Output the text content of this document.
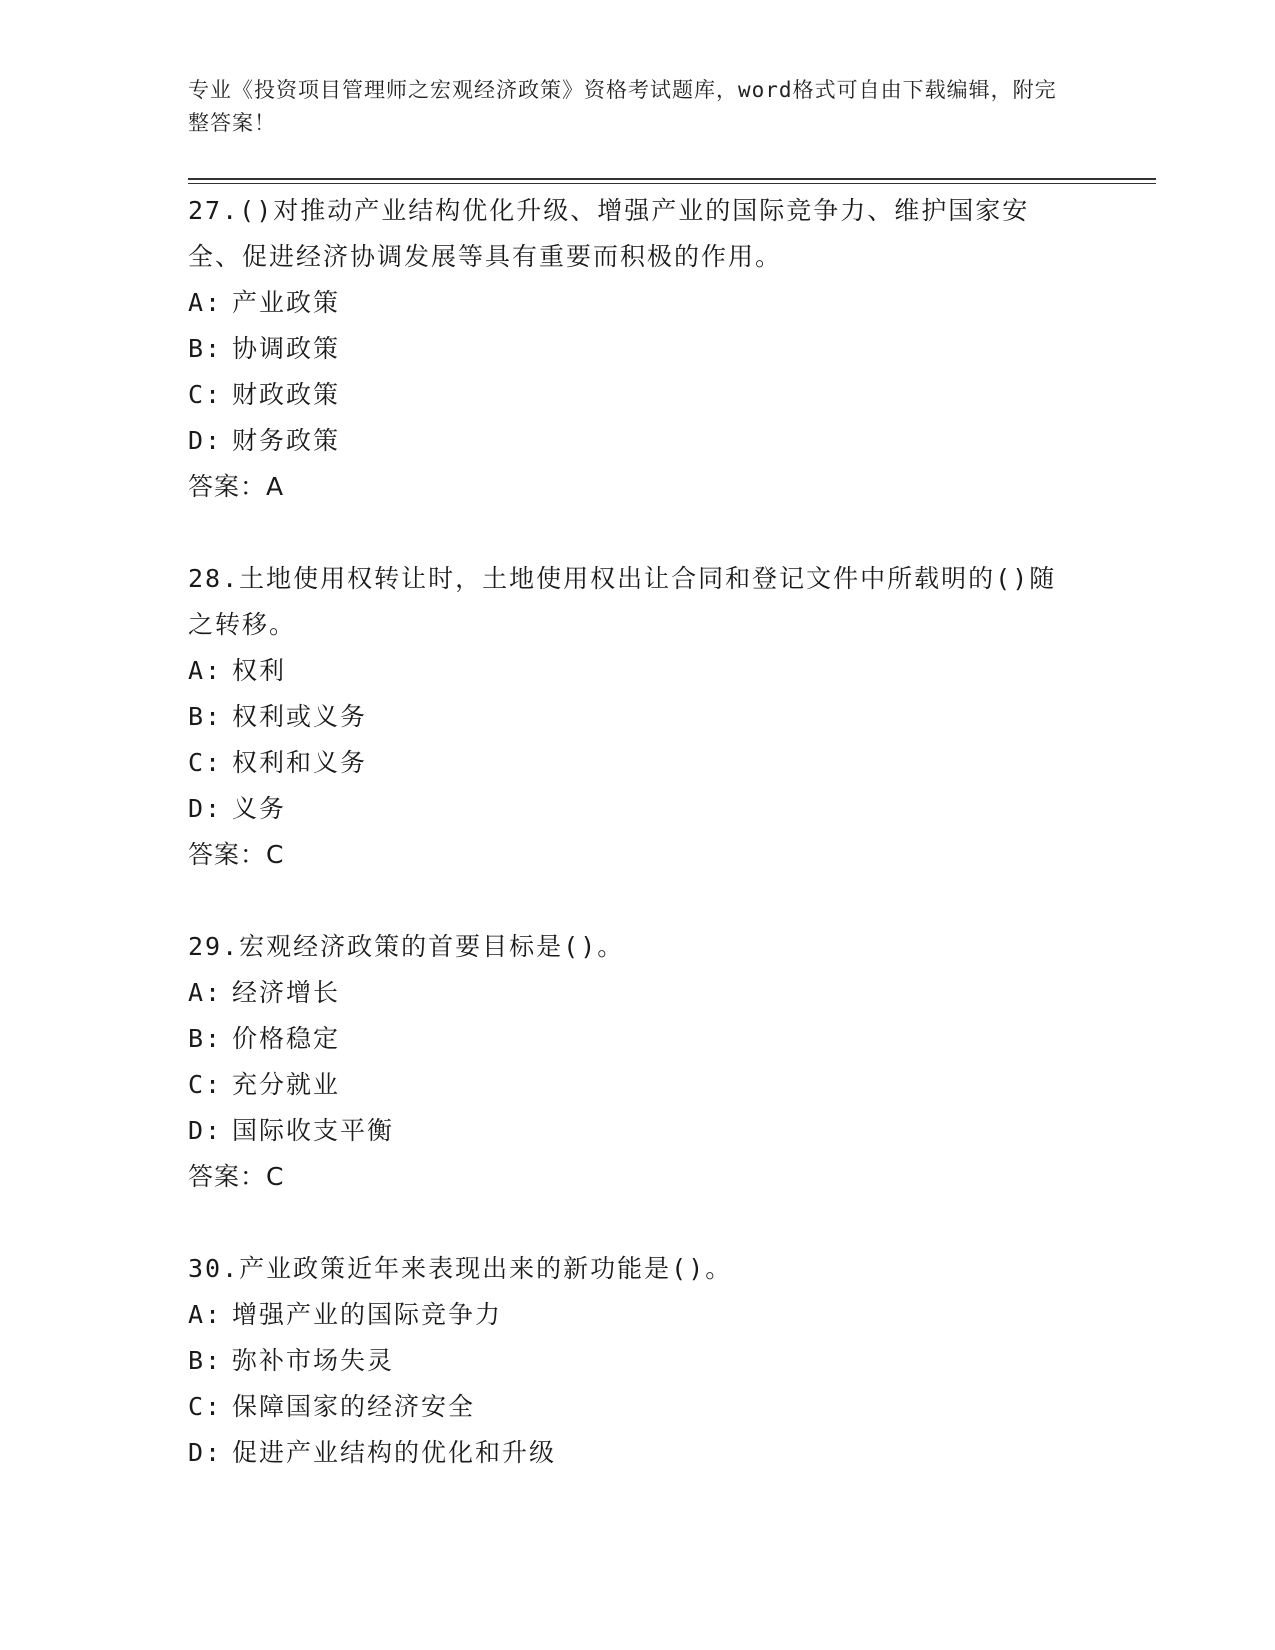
专业《投资项目管理师之宏观经济政策》资格考试题库，word格式可自由下载编辑，附完整答案！
27.()对推动产业结构优化升级、增强产业的国际竞争力、维护国家安全、促进经济协调发展等具有重要而积极的作用。
A: 产业政策
B: 协调政策
C: 财政政策
D: 财务政策
答案：A
28.土地使用权转让时，土地使用权出让合同和登记文件中所载明的()随之转移。
A: 权利
B: 权利或义务
C: 权利和义务
D: 义务
答案：C
29.宏观经济政策的首要目标是()。
A: 经济增长
B: 价格稳定
C: 充分就业
D: 国际收支平衡
答案：C
30.产业政策近年来表现出来的新功能是()。
A: 增强产业的国际竞争力
B: 弥补市场失灵
C: 保障国家的经济安全
D: 促进产业结构的优化和升级
